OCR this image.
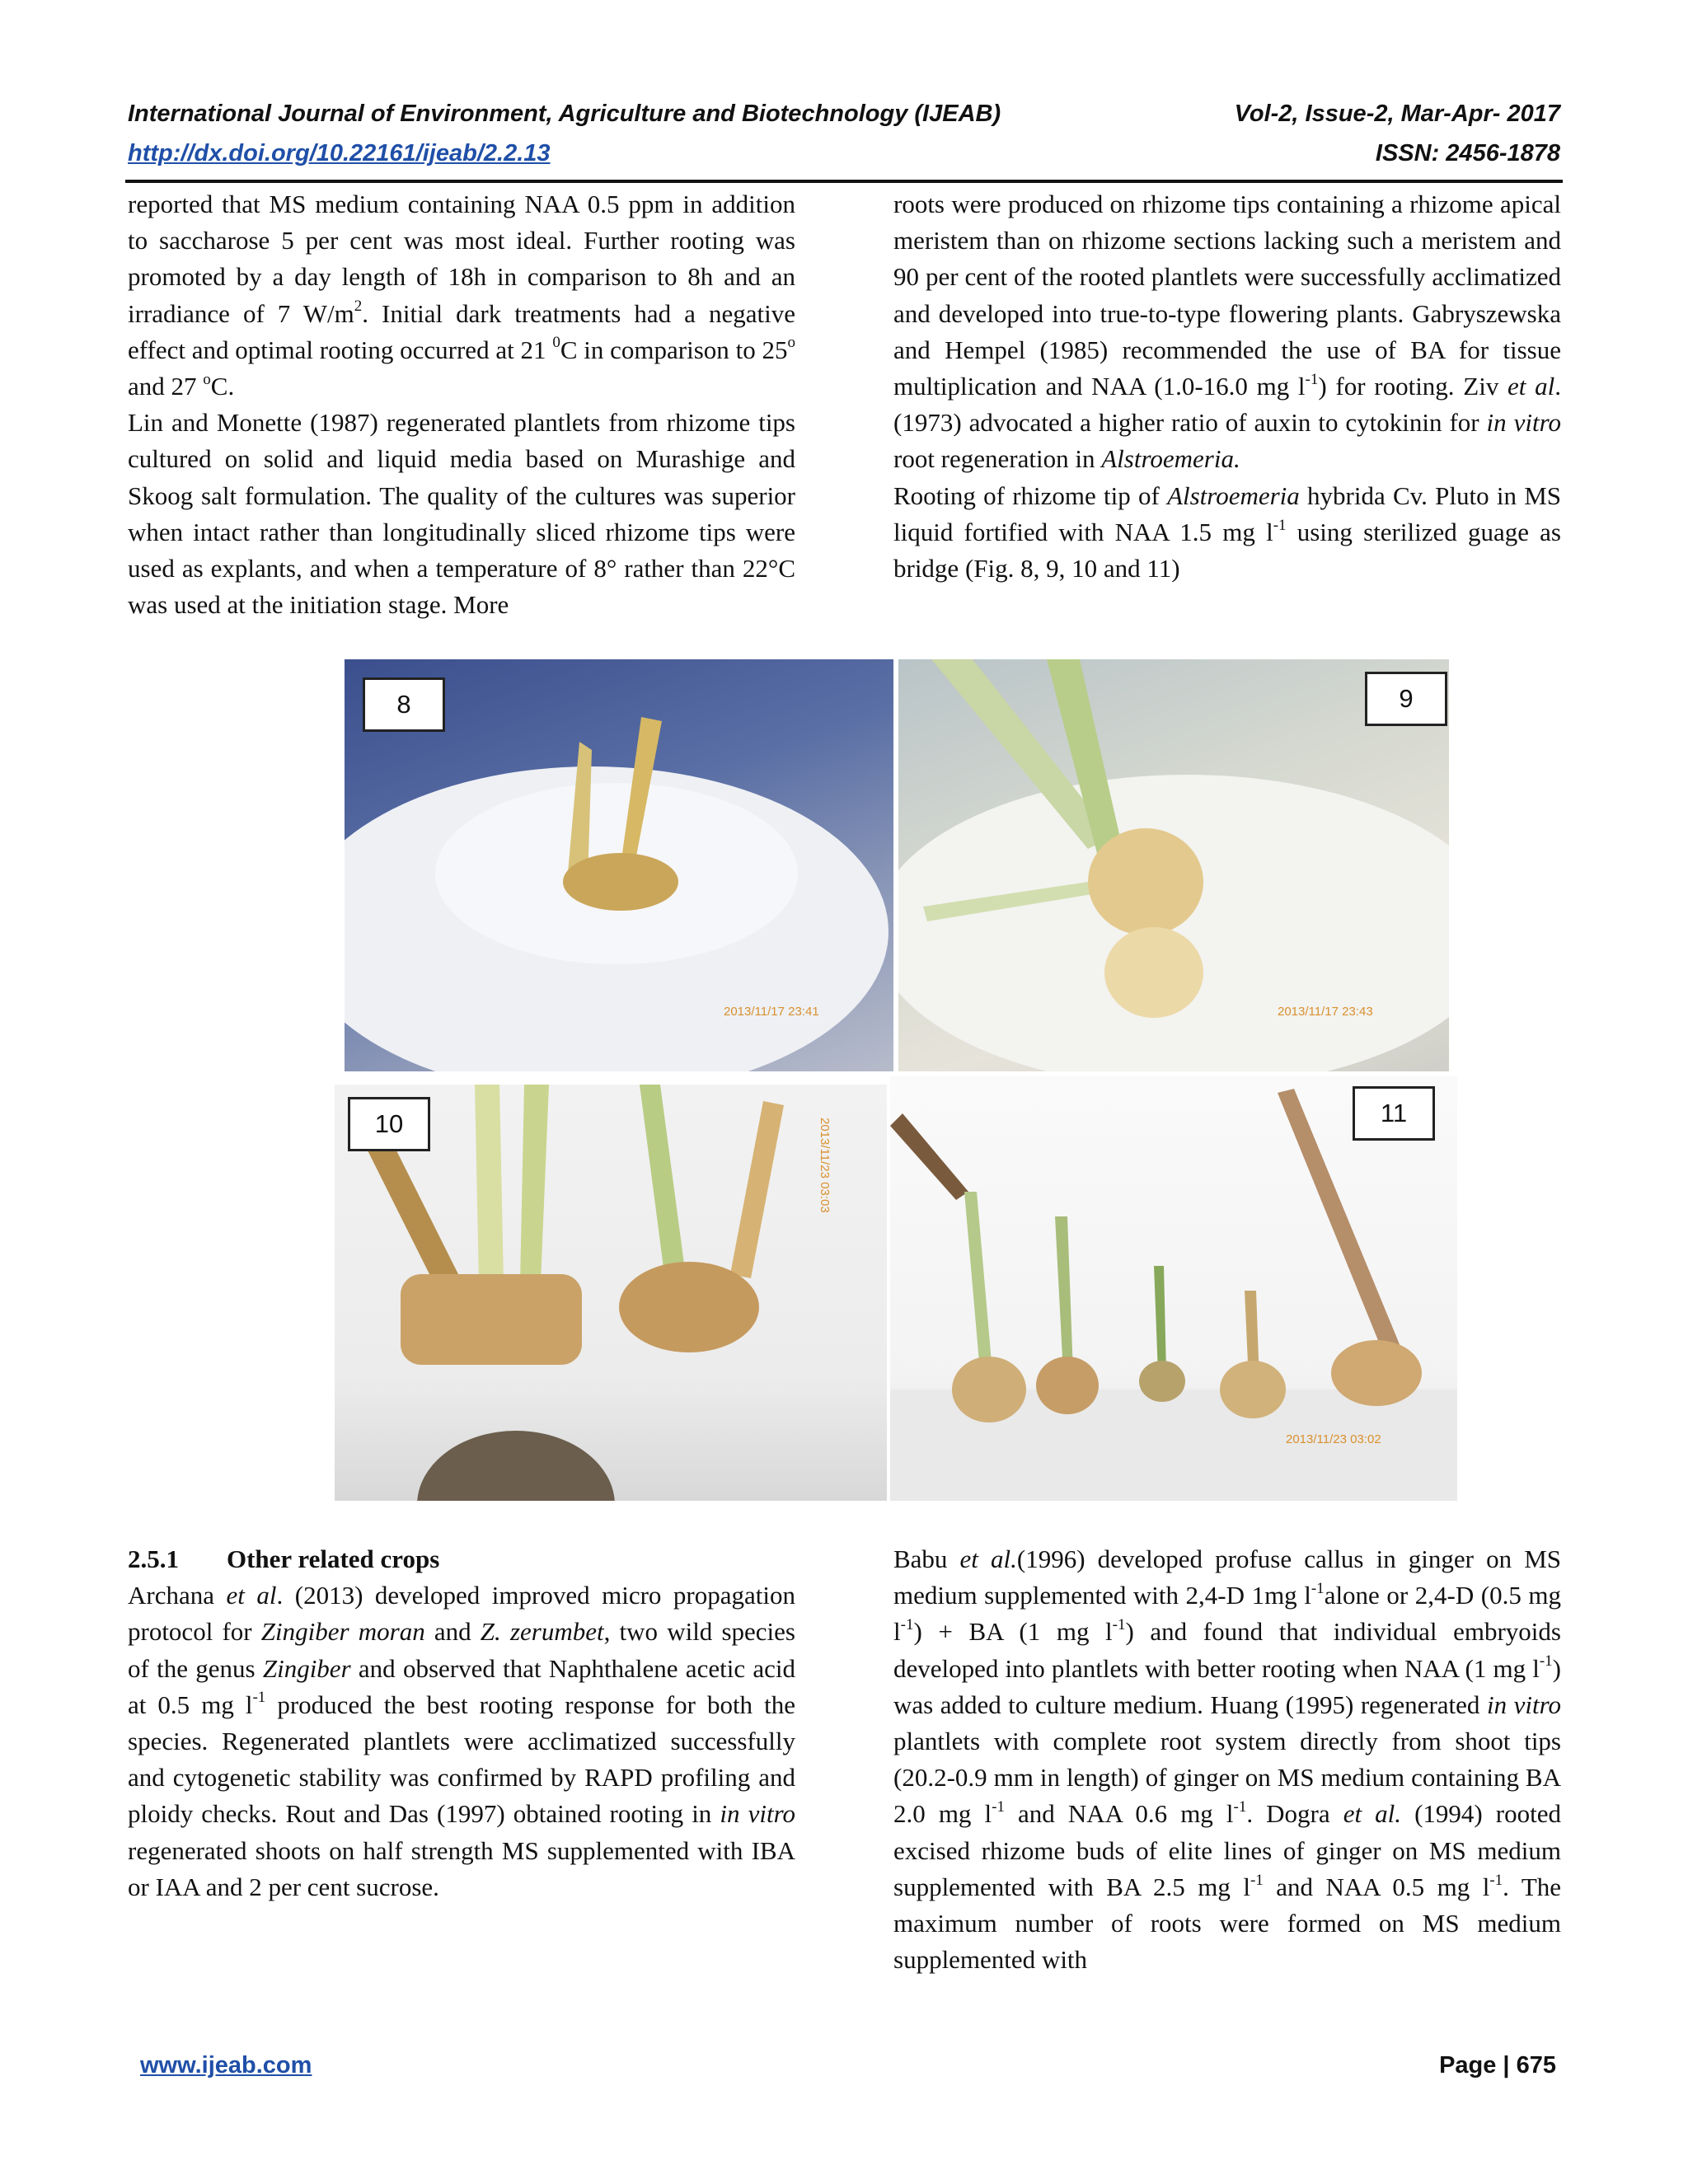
International Journal of Environment, Agriculture and Biotechnology (IJEAB)	Vol-2, Issue-2, Mar-Apr- 2017
http://dx.doi.org/10.22161/ijeab/2.2.13	ISSN: 2456-1878

reported that MS medium containing NAA 0.5 ppm in addition to saccharose 5 per cent was most ideal. Further rooting was promoted by a day length of 18h in comparison to 8h and an irradiance of 7 $W/m^2$. Initial dark treatments had a negative effect and optimal rooting occurred at 21 $^0$C in comparison to 25$^o$ and 27 $^o$C.

Lin and Monette (1987) regenerated plantlets from rhizome tips cultured on solid and liquid media based on Murashige and Skoog salt formulation. The quality of the cultures was superior when intact rather than longitudinally sliced rhizome tips were used as explants, and when a temperature of 8° rather than 22°C was used at the initiation stage. More

roots were produced on rhizome tips containing a rhizome apical meristem than on rhizome sections lacking such a meristem and 90 per cent of the rooted plantlets were successfully acclimatized and developed into true-to-type flowering plants. Gabryszewska and Hempel (1985) recommended the use of BA for tissue multiplication and NAA (1.0-16.0 mg $l^{-1}$) for rooting. Ziv et al. (1973) advocated a higher ratio of auxin to cytokinin for in vitro root regeneration in Alstroemeria.

Rooting of rhizome tip of Alstroemeria hybrida Cv. Pluto in MS liquid fortified with NAA 1.5 mg $l^{-1}$ using sterilized guage as bridge (Fig. 8, 9, 10 and 11)

2013/11/17 23:41
8
2013/11/17 23:43
9
2013/11/23 03:03
10
2013/11/23 03:02
11

2.5.1 Other related crops

Archana et al. (2013) developed improved micro propagation protocol for Zingiber moran and Z. zerumbet, two wild species of the genus Zingiber and observed that Naphthalene acetic acid at 0.5 mg $l^{-1}$ produced the best rooting response for both the species. Regenerated plantlets were acclimatized successfully and cytogenetic stability was confirmed by RAPD profiling and ploidy checks. Rout and Das (1997) obtained rooting in in vitro regenerated shoots on half strength MS supplemented with IBA or IAA and 2 per cent sucrose.

Babu et al.(1996) developed profuse callus in ginger on MS medium supplemented with 2,4-D 1mg $l^{-1}alone$ or 2,4-D (0.5 mg $l^{-1}$) + BA (1 mg $l^{-1}$) and found that individual embryoids developed into plantlets with better rooting when NAA (1 mg $l^{-1}$) was added to culture medium. Huang (1995) regenerated in vitro plantlets with complete root system directly from shoot tips (20.2-0.9 mm in length) of ginger on MS medium containing BA 2.0 mg $l^{-1}$ and NAA 0.6 mg $l^{-1}$. Dogra et al. (1994) rooted excised rhizome buds of elite lines of ginger on MS medium supplemented with BA 2.5 mg $l^{-1}$ and NAA 0.5 mg $l^{-1}$. The maximum number of roots were formed on MS medium supplemented with

www.ijeab.com	Page | 675
